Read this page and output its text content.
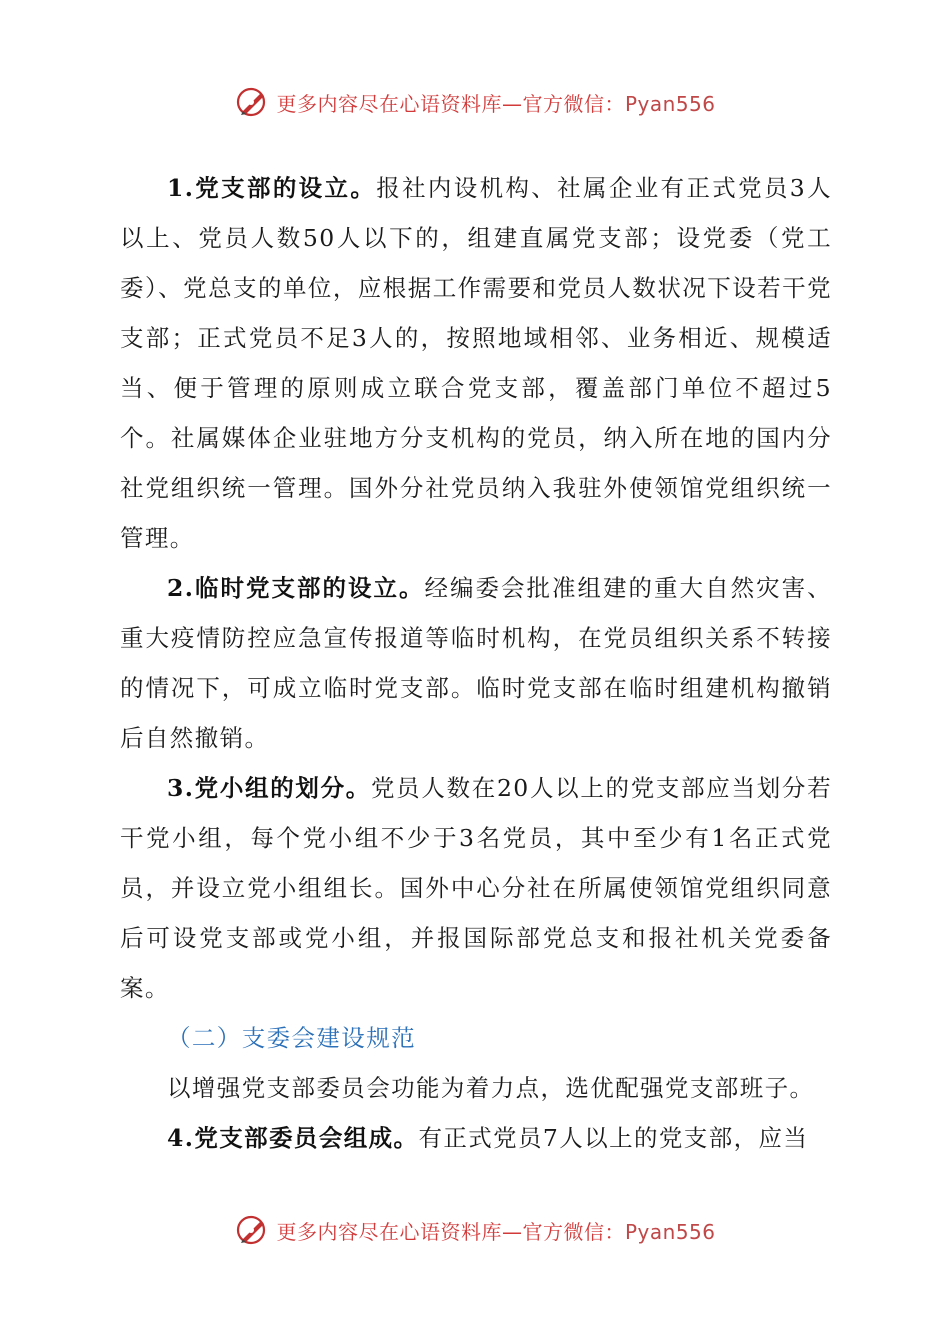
更多内容尽在心语资料库—官方微信：Pyan556

1.党支部的设立。报社内设机构、社属企业有正式党员3人以上、党员人数50人以下的，组建直属党支部；设党委（党工委）、党总支的单位，应根据工作需要和党员人数状况下设若干党支部；正式党员不足3人的，按照地域相邻、业务相近、规模适当、便于管理的原则成立联合党支部，覆盖部门单位不超过5个。社属媒体企业驻地方分支机构的党员，纳入所在地的国内分社党组织统一管理。国外分社党员纳入我驻外使领馆党组织统一管理。

2.临时党支部的设立。经编委会批准组建的重大自然灾害、重大疫情防控应急宣传报道等临时机构，在党员组织关系不转接的情况下，可成立临时党支部。临时党支部在临时组建机构撤销后自然撤销。

3.党小组的划分。党员人数在20人以上的党支部应当划分若干党小组，每个党小组不少于3名党员，其中至少有1名正式党员，并设立党小组组长。国外中心分社在所属使领馆党组织同意后可设党支部或党小组，并报国际部党总支和报社机关党委备案。

（二）支委会建设规范

以增强党支部委员会功能为着力点，选优配强党支部班子。

4.党支部委员会组成。有正式党员7人以上的党支部，应当

更多内容尽在心语资料库—官方微信：Pyan556
